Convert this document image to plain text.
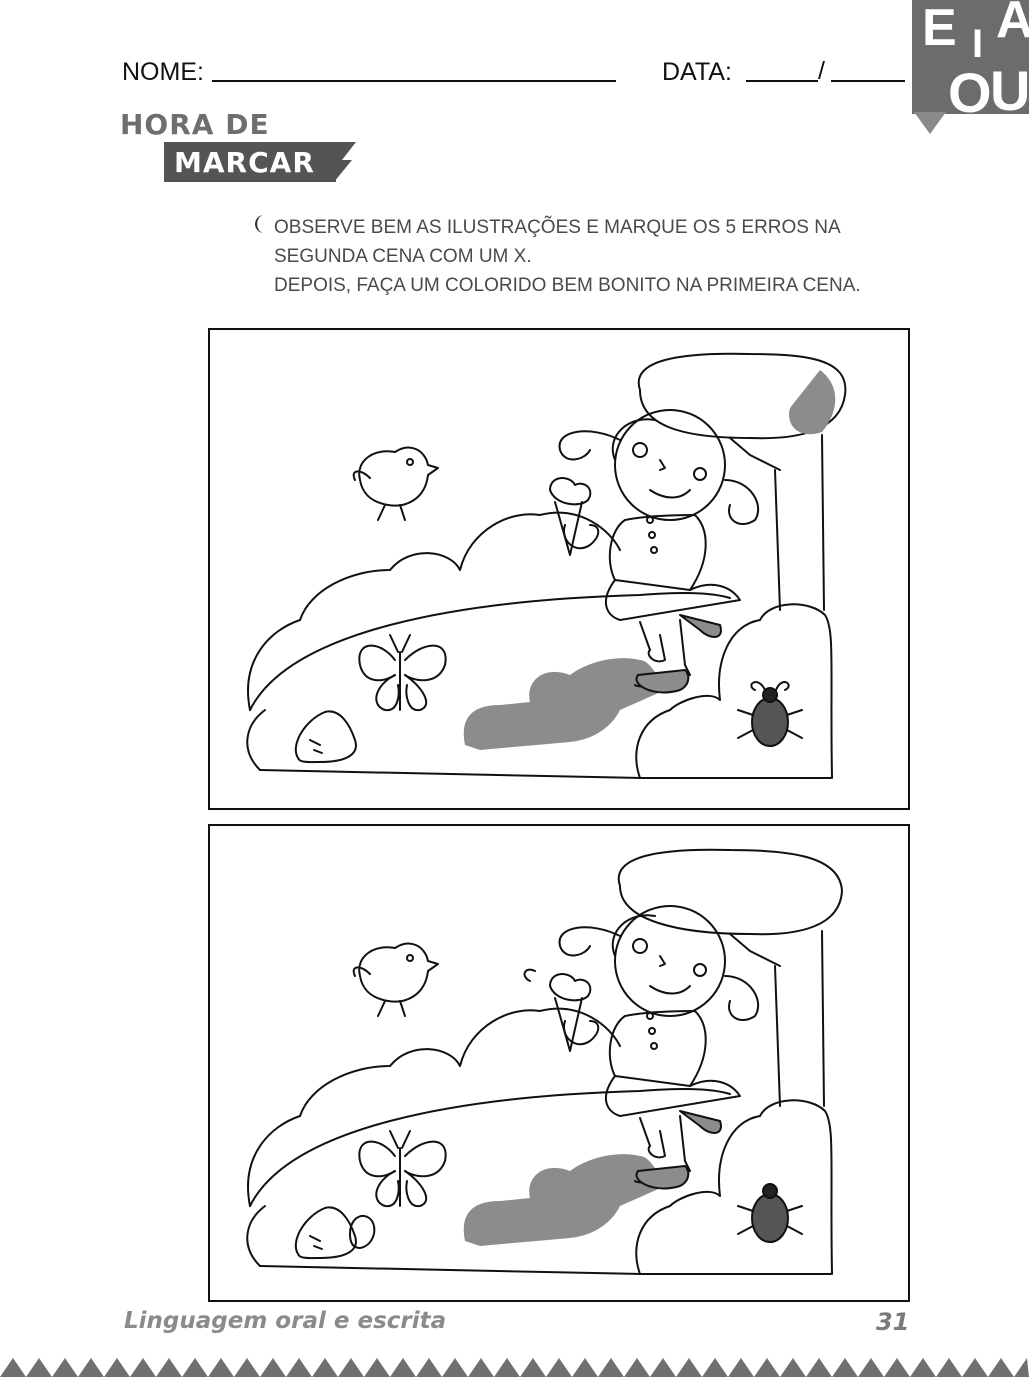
NOME:	DATA:	/
E I A
O
U
HORA DE
MARCAR
OBSERVE BEM AS ILUSTRAÇÕES E MARQUE OS 5 ERROS NA
SEGUNDA CENA COM UM X.
DEPOIS, FAÇA UM COLORIDO BEM BONITO NA PRIMEIRA CENA.
Linguagem oral e escrita	31
